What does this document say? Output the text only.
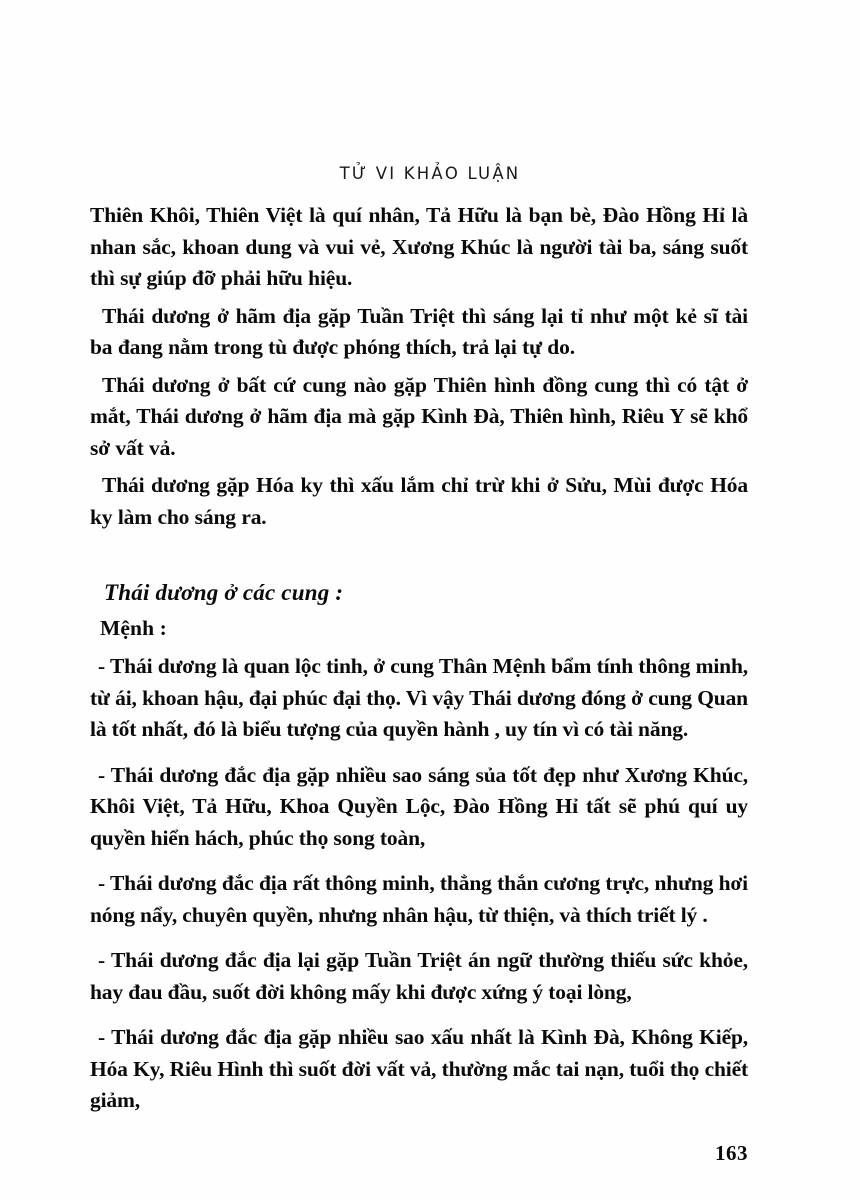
TỬ VI KHẢO LUẬN

Thiên Khôi, Thiên Việt là quí nhân, Tả Hữu là bạn bè, Đào Hồng Hỉ là nhan sắc, khoan dung và vui vẻ, Xương Khúc là người tài ba, sáng suốt thì sự giúp đỡ phải hữu hiệu.

Thái dương ở hãm địa gặp Tuần Triệt thì sáng lại tỉ như một kẻ sĩ tài ba đang nằm trong tù được phóng thích, trả lại tự do.

Thái dương ở bất cứ cung nào gặp Thiên hình đồng cung thì có tật ở mắt, Thái dương ở hãm địa mà gặp Kình Đà, Thiên hình, Riêu Y sẽ khổ sở vất vả.

Thái dương gặp Hóa ky thì xấu lắm chỉ trừ khi ở Sửu, Mùi được Hóa ky làm cho sáng ra.

Thái dương ở các cung :
Mệnh :

- Thái dương là quan lộc tinh, ở cung Thân Mệnh bẩm tính thông minh, từ ái, khoan hậu, đại phúc đại thọ. Vì vậy Thái dương đóng ở cung Quan là tốt nhất, đó là biểu tượng của quyền hành , uy tín vì có tài năng.

- Thái dương đắc địa gặp nhiều sao sáng sủa tốt đẹp như Xương Khúc, Khôi Việt, Tả Hữu, Khoa Quyền Lộc, Đào Hồng Hỉ tất sẽ phú quí uy quyền hiển hách, phúc thọ song toàn,

- Thái dương đắc địa rất thông minh, thẳng thắn cương trực, nhưng hơi nóng nẩy, chuyên quyền, nhưng nhân hậu, từ thiện, và thích triết lý .

- Thái dương đắc địa lại gặp Tuần Triệt án ngữ thường thiếu sức khỏe, hay đau đầu, suốt đời không mấy khi được xứng ý toại lòng,

- Thái dương đắc địa gặp nhiều sao xấu nhất là Kình Đà, Không Kiếp, Hóa Ky, Riêu Hình thì suốt đời vất vả, thường mắc tai nạn, tuổi thọ chiết giảm,

163
